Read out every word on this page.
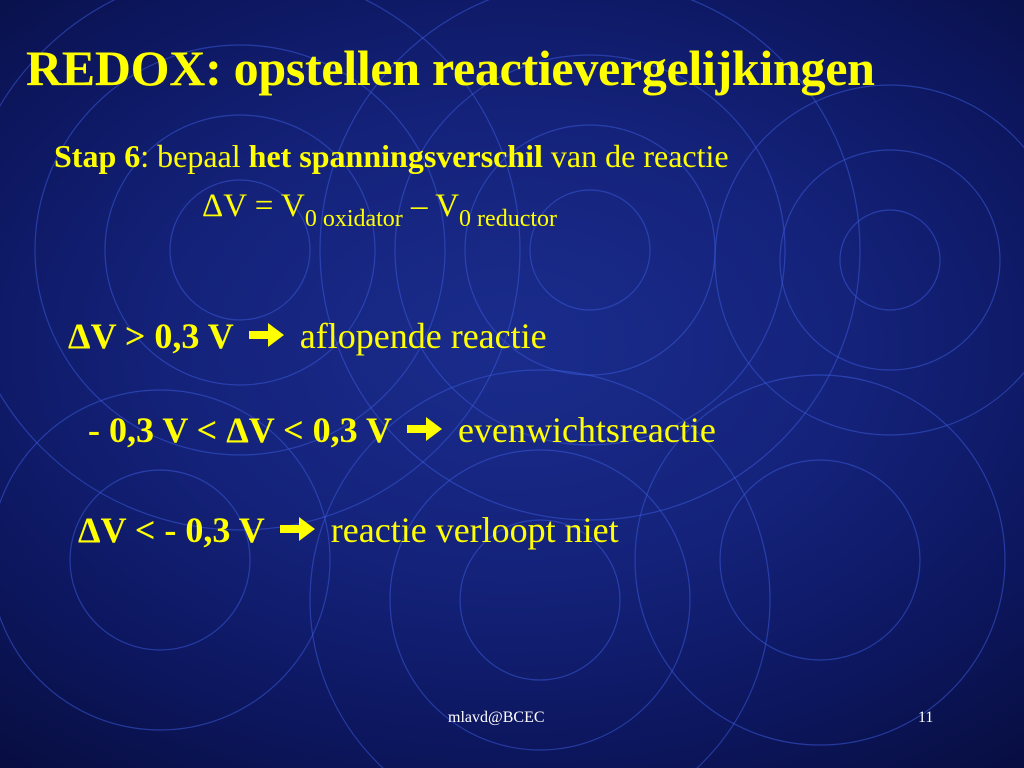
REDOX: opstellen reactievergelijkingen
Stap 6: bepaal het spanningsverschil van de reactie
$\Delta V = V_{0 oxidator} - V_{0 reductor}$
ΔV > 0,3 V aflopende reactie
- 0,3 V < ΔV < 0,3 V evenwichtsreactie
ΔV < - 0,3 V reactie verloopt niet
mlavd@BCEC	11
